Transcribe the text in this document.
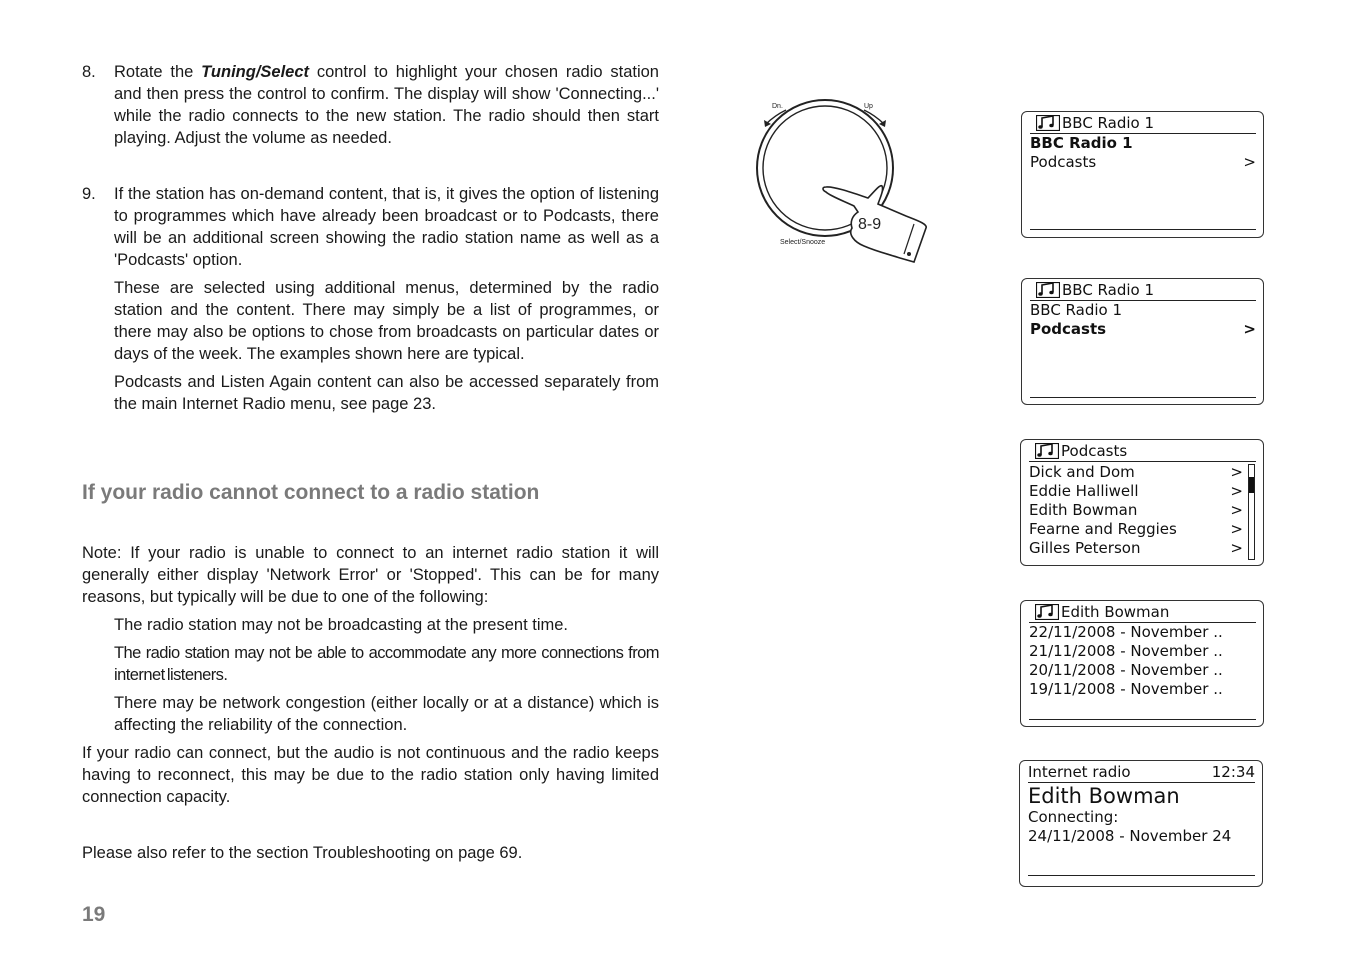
8. Rotate the Tuning/Select control to highlight your chosen radio station and then press the control to confirm. The display will show 'Connecting...' while the radio connects to the new station. The radio should then start playing. Adjust the volume as needed.

9. If the station has on-demand content, that is, it gives the option of listening to programmes which have already been broadcast or to Podcasts, there will be an additional screen showing the radio station name as well as a 'Podcasts' option.

These are selected using additional menus, determined by the radio station and the content. There may simply be a list of programmes, or there may also be options to chose from broadcasts on particular dates or days of the week. The examples shown here are typical.

Podcasts and Listen Again content can also be accessed separately from the main Internet Radio menu, see page 23.

If your radio cannot connect to a radio station

Note: If your radio is unable to connect to an internet radio station it will generally either display 'Network Error' or 'Stopped'. This can be for many reasons, but typically will be due to one of the following:

The radio station may not be broadcasting at the present time.

The radio station may not be able to accommodate any more connections from internet listeners.

There may be network congestion (either locally or at a distance) which is affecting the reliability of the connection.

If your radio can connect, but the audio is not continuous and the radio keeps having to reconnect, this may be due to the radio station only having limited connection capacity.

Please also refer to the section Troubleshooting on page 69.

19
Dn.	Up
Select/Snooze
8-9
BBC Radio 1
BBC Radio 1
Podcasts	>
BBC Radio 1
BBC Radio 1
Podcasts	>
Podcasts
Dick and Dom	>
Eddie Halliwell	>
Edith Bowman	>
Fearne and Reggies	>
Gilles Peterson	>
Edith Bowman
22/11/2008 - November ..
21/11/2008 - November ..
20/11/2008 - November ..
19/11/2008 - November ..
Internet radio	12:34
Edith Bowman
Connecting:
24/11/2008 - November 24
